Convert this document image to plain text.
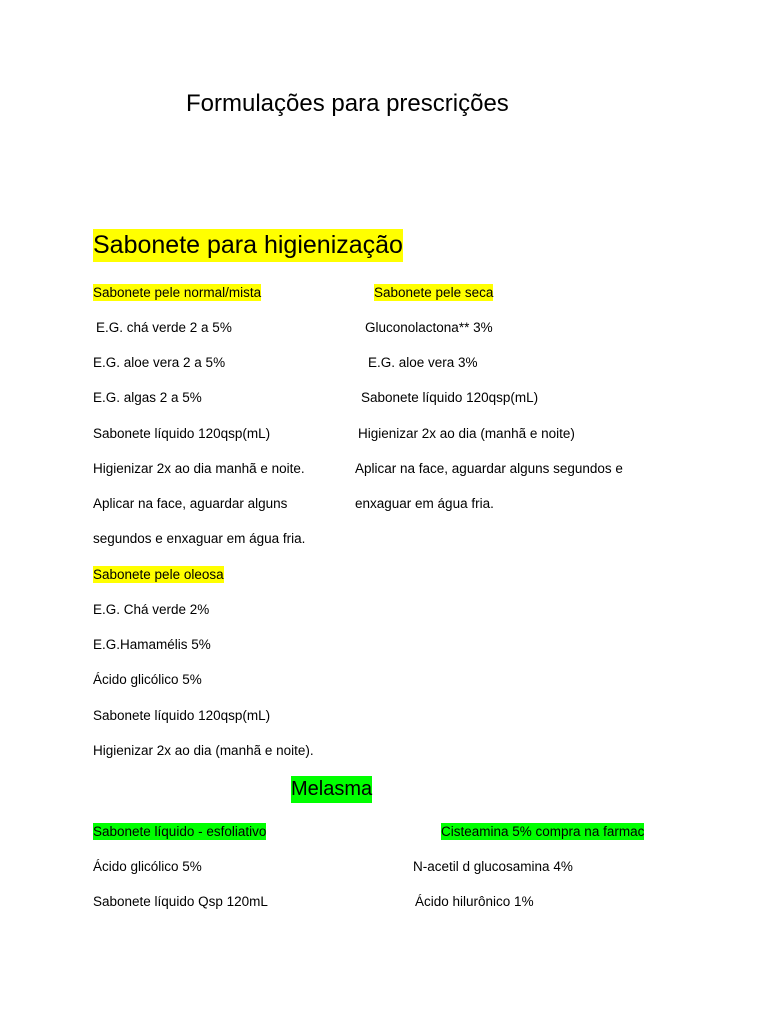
Formulações para prescrições
Sabonete para higienização
Sabonete pele normal/mista
E.G. chá verde 2 a 5%
E.G. aloe vera 2 a 5%
E.G. algas 2 a 5%
Sabonete líquido 120qsp(mL)
Higienizar 2x ao dia manhã e noite.
Aplicar na face, aguardar alguns
segundos e enxaguar em água fria.
Sabonete pele seca
Gluconolactona** 3%
E.G. aloe vera 3%
Sabonete líquido 120qsp(mL)
Higienizar 2x ao dia (manhã e noite)
Aplicar na face, aguardar alguns segundos e
enxaguar em água fria.
Sabonete pele oleosa
E.G. Chá verde 2%
E.G.Hamamélis 5%
Ácido glicólico 5%
Sabonete líquido 120qsp(mL)
Higienizar 2x ao dia (manhã e noite).
Melasma
Sabonete líquido - esfoliativo
Ácido glicólico 5%
Sabonete líquido Qsp 120mL
Cisteamina 5% compra na farmac
N-acetil d glucosamina 4%
Ácido hilurônico 1%
